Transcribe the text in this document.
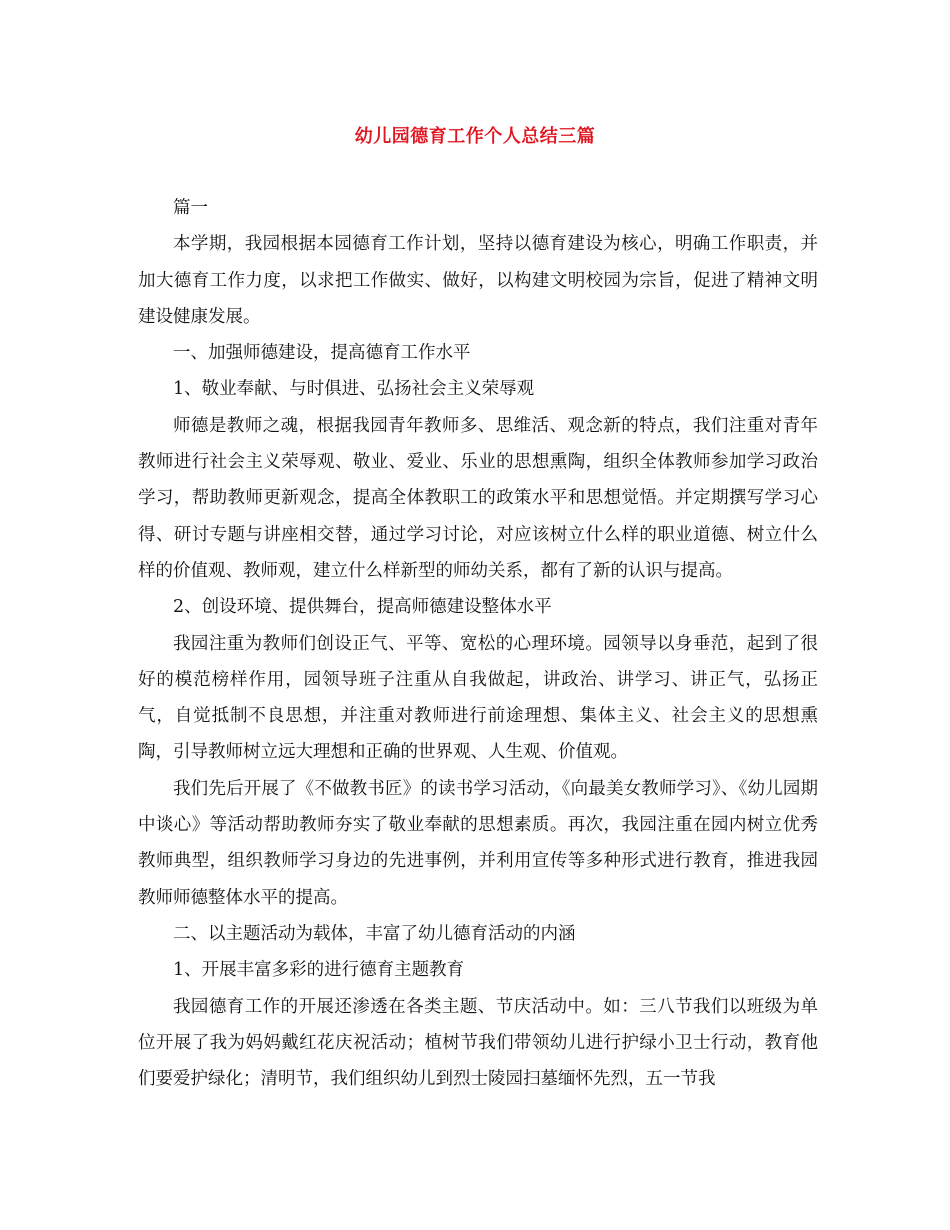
幼儿园德育工作个人总结三篇

篇一

本学期，我园根据本园德育工作计划，坚持以德育建设为核心，明确工作职责，并加大德育工作力度，以求把工作做实、做好，以构建文明校园为宗旨，促进了精神文明建设健康发展。

一、加强师德建设，提高德育工作水平

1、敬业奉献、与时俱进、弘扬社会主义荣辱观

师德是教师之魂，根据我园青年教师多、思维活、观念新的特点，我们注重对青年教师进行社会主义荣辱观、敬业、爱业、乐业的思想熏陶，组织全体教师参加学习政治学习，帮助教师更新观念，提高全体教职工的政策水平和思想觉悟。并定期撰写学习心得、研讨专题与讲座相交替，通过学习讨论，对应该树立什么样的职业道德、树立什么样的价值观、教师观，建立什么样新型的师幼关系，都有了新的认识与提高。

2、创设环境、提供舞台，提高师德建设整体水平

我园注重为教师们创设正气、平等、宽松的心理环境。园领导以身垂范，起到了很好的模范榜样作用，园领导班子注重从自我做起，讲政治、讲学习、讲正气，弘扬正气，自觉抵制不良思想，并注重对教师进行前途理想、集体主义、社会主义的思想熏陶，引导教师树立远大理想和正确的世界观、人生观、价值观。

我们先后开展了《不做教书匠》的读书学习活动，《向最美女教师学习》、《幼儿园期中谈心》等活动帮助教师夯实了敬业奉献的思想素质。再次，我园注重在园内树立优秀教师典型，组织教师学习身边的先进事例，并利用宣传等多种形式进行教育，推进我园教师师德整体水平的提高。

二、以主题活动为载体，丰富了幼儿德育活动的内涵

1、开展丰富多彩的进行德育主题教育

我园德育工作的开展还渗透在各类主题、节庆活动中。如：三八节我们以班级为单位开展了我为妈妈戴红花庆祝活动；植树节我们带领幼儿进行护绿小卫士行动，教育他们要爱护绿化；清明节，我们组织幼儿到烈士陵园扫墓缅怀先烈，五一节我
